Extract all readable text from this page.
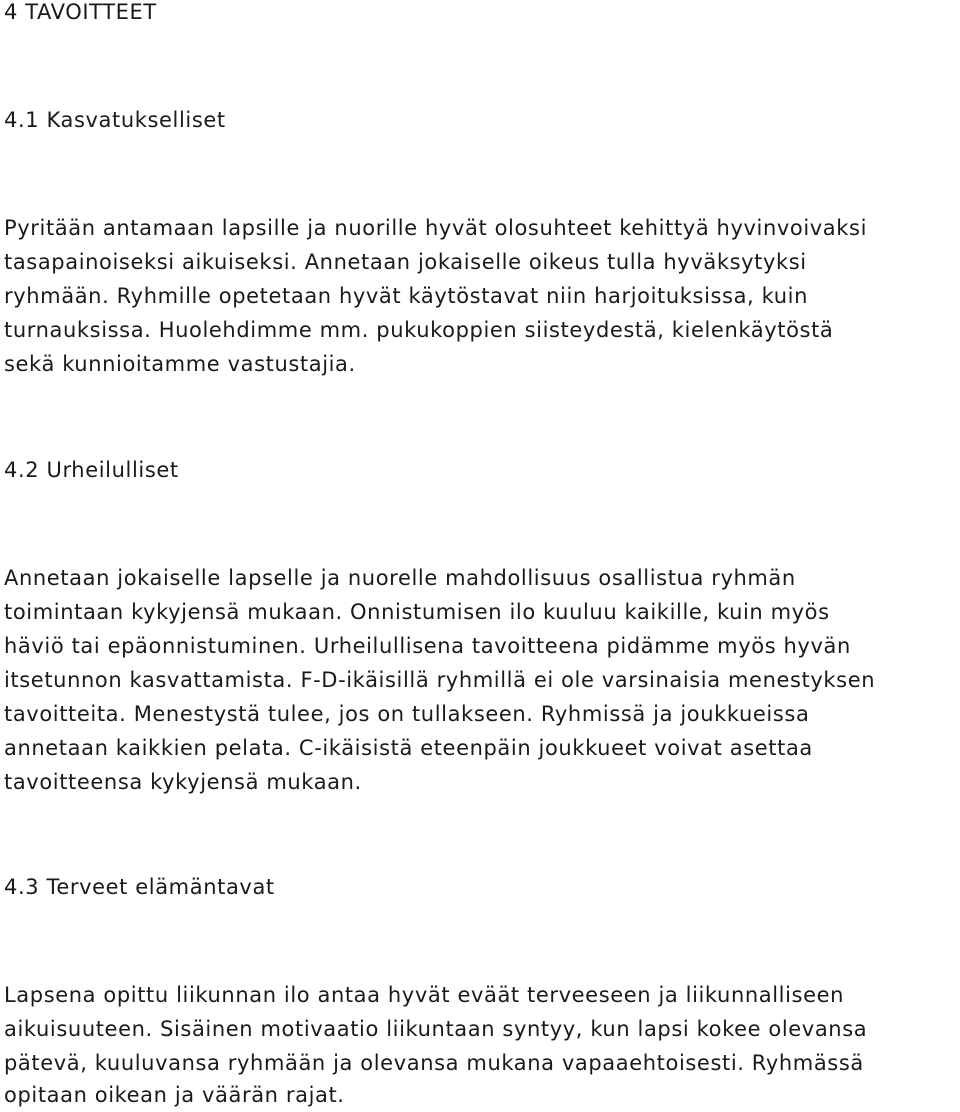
4 TAVOITTEET
4.1 Kasvatukselliset
Pyritään antamaan lapsille ja nuorille hyvät olosuhteet kehittyä hyvinvoivaksi
tasapainoiseksi aikuiseksi. Annetaan jokaiselle oikeus tulla hyväksytyksi
ryhmään. Ryhmille opetetaan hyvät käytöstavat niin harjoituksissa, kuin
turnauksissa. Huolehdimme mm. pukukoppien siisteydestä, kielenkäytöstä
sekä kunnioitamme vastustajia.
4.2 Urheilulliset
Annetaan jokaiselle lapselle ja nuorelle mahdollisuus osallistua ryhmän
toimintaan kykyjensä mukaan. Onnistumisen ilo kuuluu kaikille, kuin myös
häviö tai epäonnistuminen. Urheilullisena tavoitteena pidämme myös hyvän
itsetunnon kasvattamista. F-D-ikäisillä ryhmillä ei ole varsinaisia menestyksen
tavoitteita. Menestystä tulee, jos on tullakseen. Ryhmissä ja joukkueissa
annetaan kaikkien pelata. C-ikäisistä eteenpäin joukkueet voivat asettaa
tavoitteensa kykyjensä mukaan.
4.3 Terveet elämäntavat
Lapsena opittu liikunnan ilo antaa hyvät eväät terveeseen ja liikunnalliseen
aikuisuuteen. Sisäinen motivaatio liikuntaan syntyy, kun lapsi kokee olevansa
pätevä, kuuluvansa ryhmään ja olevansa mukana vapaaehtoisesti. Ryhmässä
opitaan oikean ja väärän rajat.
